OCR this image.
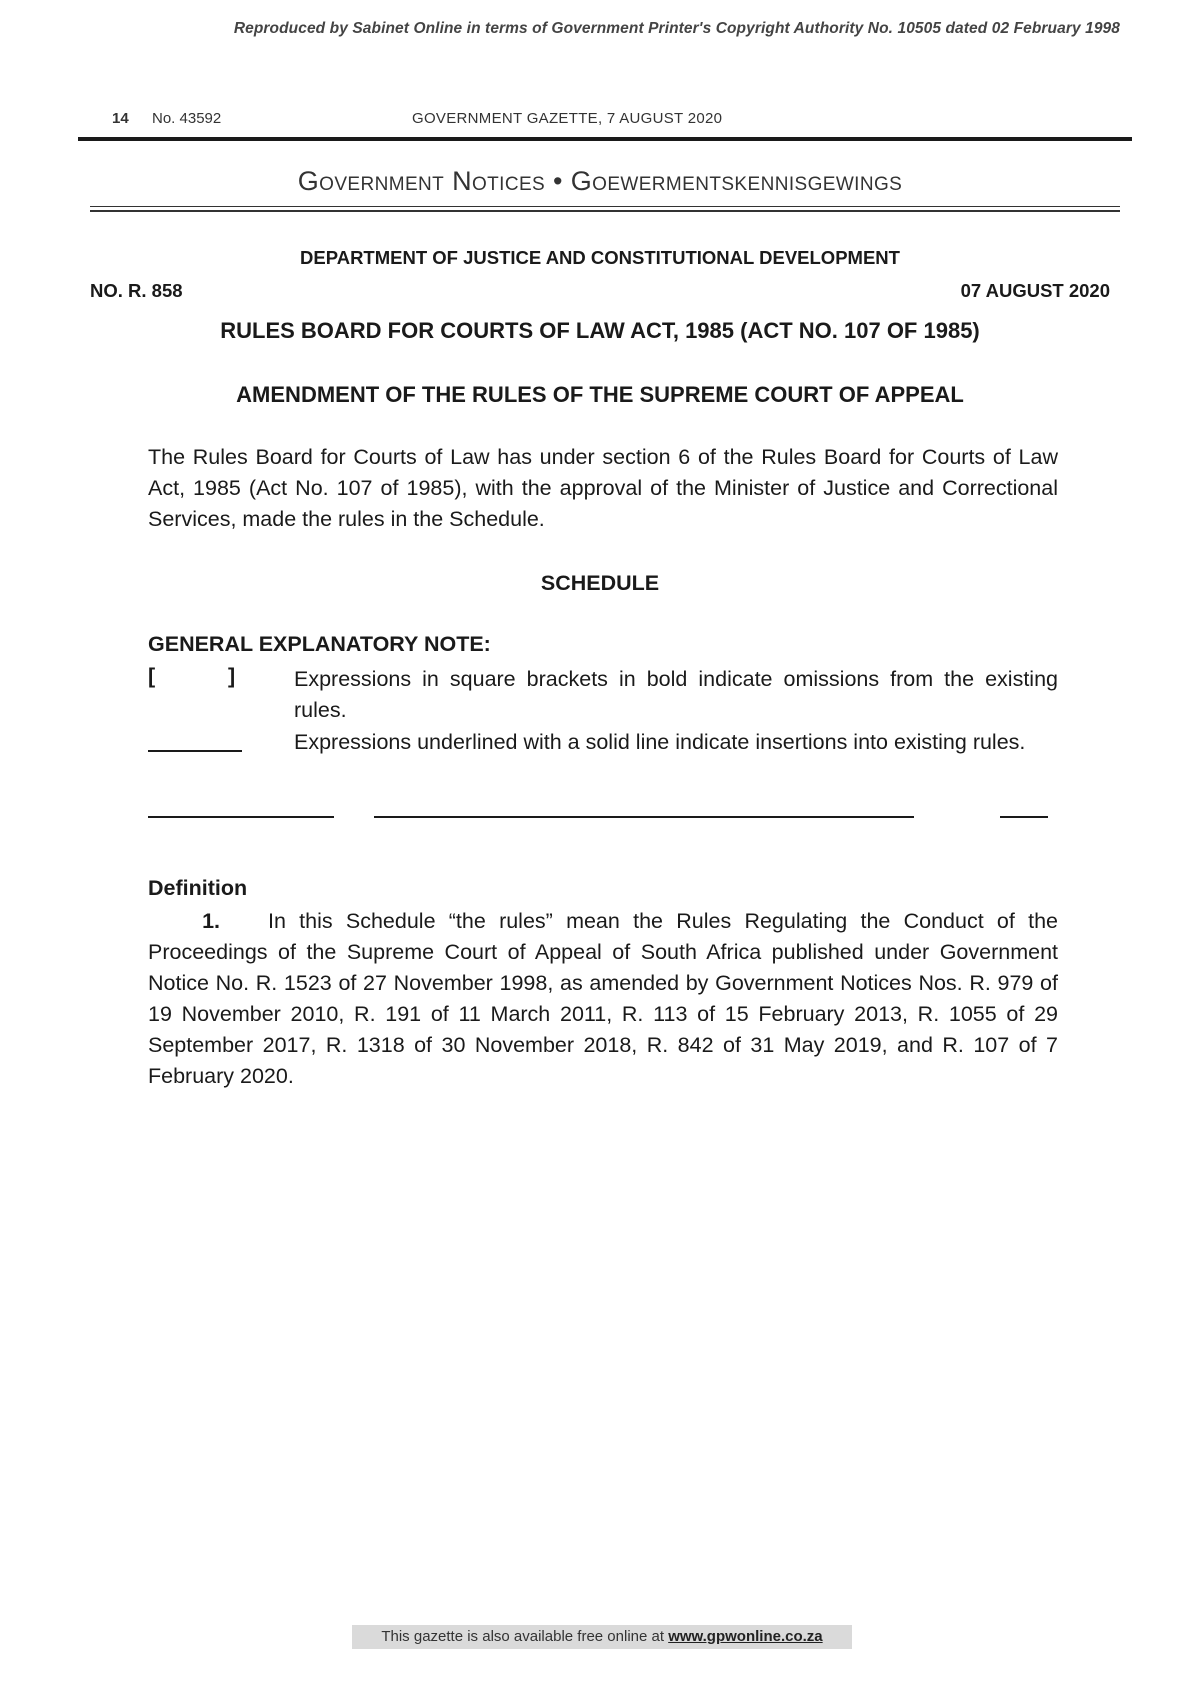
Reproduced by Sabinet Online in terms of Government Printer's Copyright Authority No. 10505 dated 02 February 1998
14 No. 43592	GOVERNMENT GAZETTE, 7 AUGUST 2020
Government Notices • Goewermentskennisgewings
DEPARTMENT OF JUSTICE AND CONSTITUTIONAL DEVELOPMENT
NO. R. 858	07 AUGUST 2020
RULES BOARD FOR COURTS OF LAW ACT, 1985 (ACT NO. 107 OF 1985)
AMENDMENT OF THE RULES OF THE SUPREME COURT OF APPEAL
The Rules Board for Courts of Law has under section 6 of the Rules Board for Courts of Law Act, 1985 (Act No. 107 of 1985), with the approval of the Minister of Justice and Correctional Services, made the rules in the Schedule.
SCHEDULE
GENERAL EXPLANATORY NOTE:
[	]	Expressions in square brackets in bold indicate omissions from the existing rules.
Expressions underlined with a solid line indicate insertions into existing rules.
Definition
1. In this Schedule “the rules” mean the Rules Regulating the Conduct of the Proceedings of the Supreme Court of Appeal of South Africa published under Government Notice No. R. 1523 of 27 November 1998, as amended by Government Notices Nos. R. 979 of 19 November 2010, R. 191 of 11 March 2011, R. 113 of 15 February 2013, R. 1055 of 29 September 2017, R. 1318 of 30 November 2018, R. 842 of 31 May 2019, and R. 107 of 7 February 2020.
This gazette is also available free online at www.gpwonline.co.za
